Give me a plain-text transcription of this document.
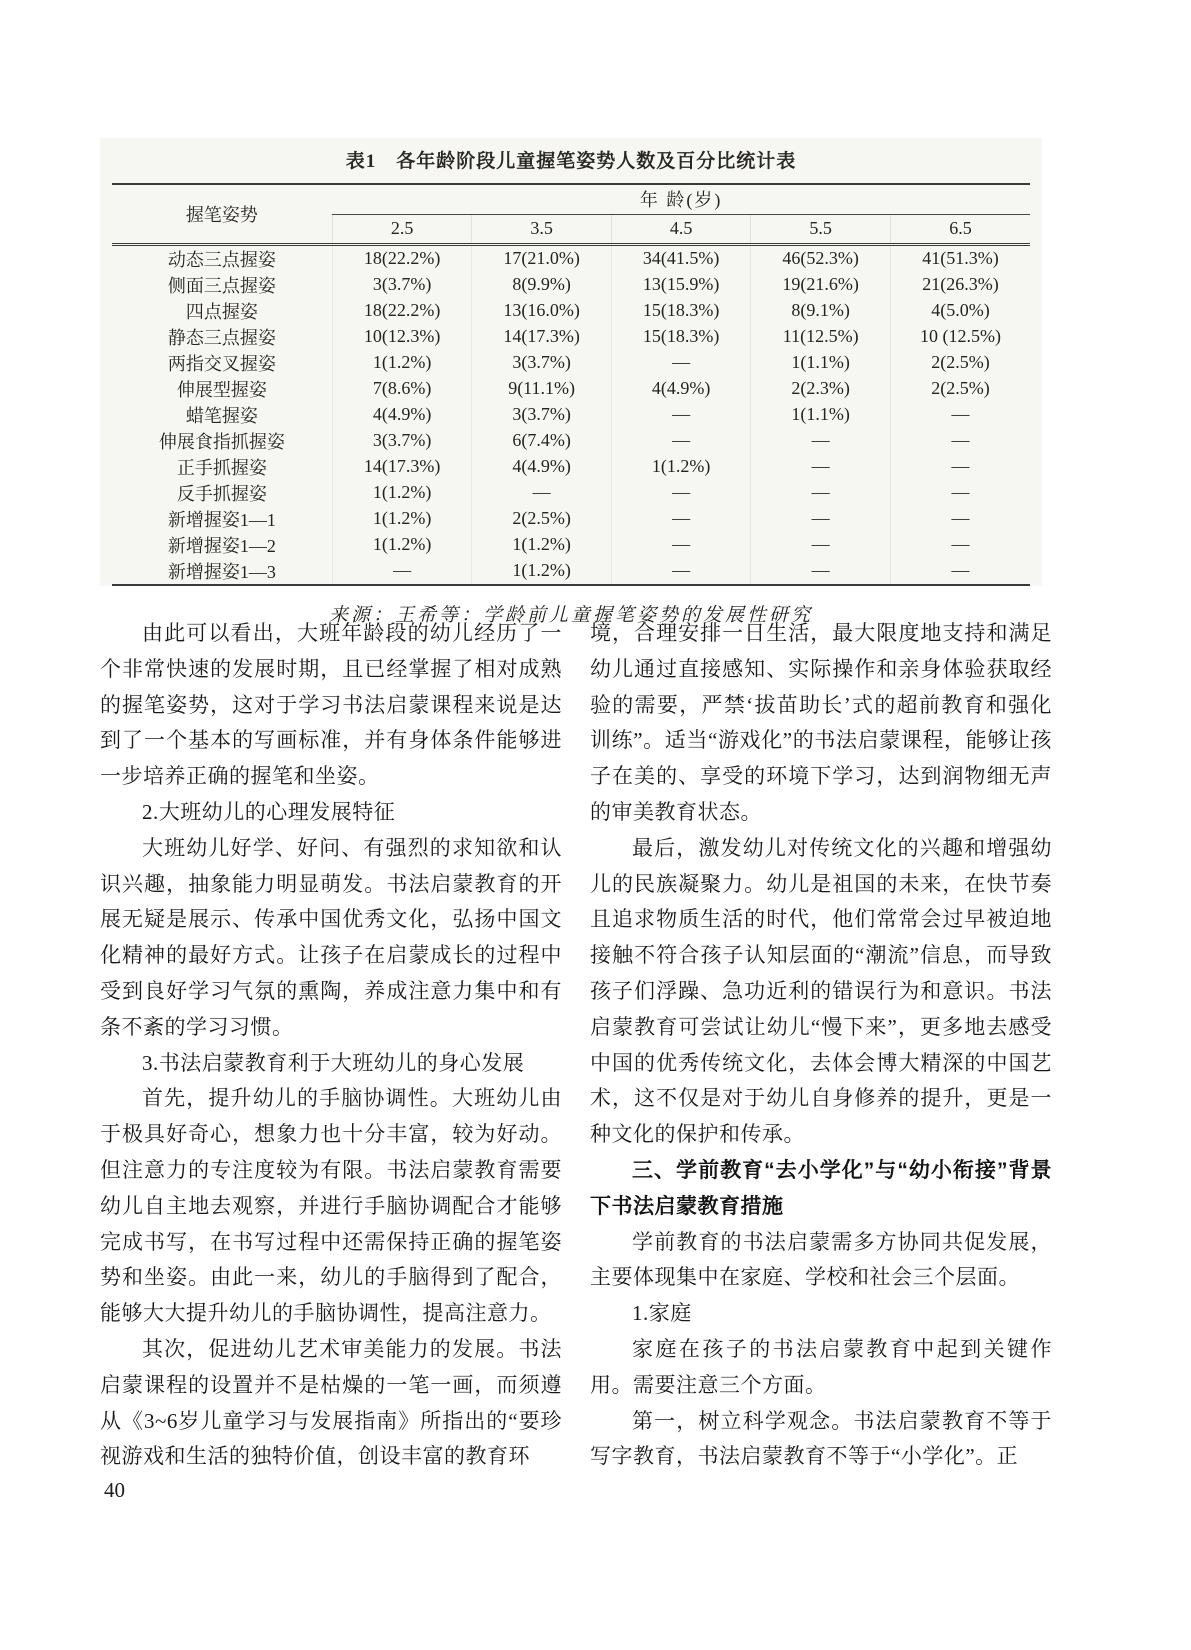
表1　各年龄阶段儿童握笔姿势人数及百分比统计表
握笔姿势	年 龄(岁)				
	2.5	3.5	4.5	5.5	6.5
动态三点握姿	18(22.2%)	17(21.0%)	34(41.5%)	46(52.3%)	41(51.3%)
侧面三点握姿	3(3.7%)	8(9.9%)	13(15.9%)	19(21.6%)	21(26.3%)
四点握姿	18(22.2%)	13(16.0%)	15(18.3%)	8(9.1%)	4(5.0%)
静态三点握姿	10(12.3%)	14(17.3%)	15(18.3%)	11(12.5%)	10 (12.5%)
两指交叉握姿	1(1.2%)	3(3.7%)	—	1(1.1%)	2(2.5%)
伸展型握姿	7(8.6%)	9(11.1%)	4(4.9%)	2(2.3%)	2(2.5%)
蜡笔握姿	4(4.9%)	3(3.7%)	—	1(1.1%)	—
伸展食指抓握姿	3(3.7%)	6(7.4%)	—	—	—
正手抓握姿	14(17.3%)	4(4.9%)	1(1.2%)	—	—
反手抓握姿	1(1.2%)	—	—	—	—
新增握姿1—1	1(1.2%)	2(2.5%)	—	—	—
新增握姿1—2	1(1.2%)	1(1.2%)	—	—	—
新增握姿1—3	—	1(1.2%)	—	—	—
来源：王希等：学龄前儿童握笔姿势的发展性研究

由此可以看出，大班年龄段的幼儿经历了一个非常快速的发展时期，且已经掌握了相对成熟的握笔姿势，这对于学习书法启蒙课程来说是达到了一个基本的写画标准，并有身体条件能够进一步培养正确的握笔和坐姿。

2.大班幼儿的心理发展特征

大班幼儿好学、好问、有强烈的求知欲和认识兴趣，抽象能力明显萌发。书法启蒙教育的开展无疑是展示、传承中国优秀文化，弘扬中国文化精神的最好方式。让孩子在启蒙成长的过程中受到良好学习气氛的熏陶，养成注意力集中和有条不紊的学习习惯。

3.书法启蒙教育利于大班幼儿的身心发展

首先，提升幼儿的手脑协调性。大班幼儿由于极具好奇心，想象力也十分丰富，较为好动。但注意力的专注度较为有限。书法启蒙教育需要幼儿自主地去观察，并进行手脑协调配合才能够完成书写，在书写过程中还需保持正确的握笔姿势和坐姿。由此一来，幼儿的手脑得到了配合，能够大大提升幼儿的手脑协调性，提高注意力。

其次，促进幼儿艺术审美能力的发展。书法启蒙课程的设置并不是枯燥的一笔一画，而须遵从《3~6岁儿童学习与发展指南》所指出的“要珍视游戏和生活的独特价值，创设丰富的教育环

境，合理安排一日生活，最大限度地支持和满足幼儿通过直接感知、实际操作和亲身体验获取经验的需要，严禁‘拔苗助长’式的超前教育和强化训练”。适当“游戏化”的书法启蒙课程，能够让孩子在美的、享受的环境下学习，达到润物细无声的审美教育状态。

最后，激发幼儿对传统文化的兴趣和增强幼儿的民族凝聚力。幼儿是祖国的未来，在快节奏且追求物质生活的时代，他们常常会过早被迫地接触不符合孩子认知层面的“潮流”信息，而导致孩子们浮躁、急功近利的错误行为和意识。书法启蒙教育可尝试让幼儿“慢下来”，更多地去感受中国的优秀传统文化，去体会博大精深的中国艺术，这不仅是对于幼儿自身修养的提升，更是一种文化的保护和传承。

三、学前教育“去小学化”与“幼小衔接”背景下书法启蒙教育措施

学前教育的书法启蒙需多方协同共促发展，主要体现集中在家庭、学校和社会三个层面。

1.家庭

家庭在孩子的书法启蒙教育中起到关键作用。需要注意三个方面。

第一，树立科学观念。书法启蒙教育不等于写字教育，书法启蒙教育不等于“小学化”。正

40
